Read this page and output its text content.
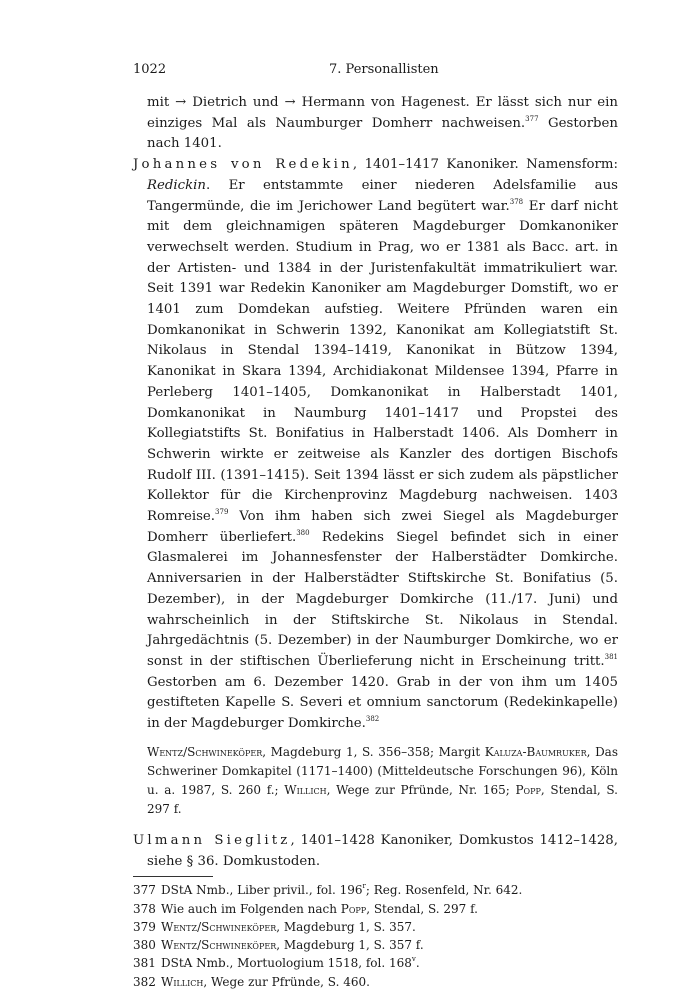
1022	7. Personallisten

mit → Dietrich und → Hermann von Hagenest. Er lässt sich nur ein einziges Mal als Naumburger Domherr nachweisen.$^{377}$ Gestorben nach 1401.

Johannes von Redekin, 1401–1417 Kanoniker. Namensform: Redickin. Er entstammte einer niederen Adelsfamilie aus Tangermünde, die im Jerichower Land begütert war.$^{378}$ Er darf nicht mit dem gleichnamigen späteren Magdeburger Domkanoniker verwechselt werden. Studium in Prag, wo er 1381 als Bacc. art. in der Artisten- und 1384 in der Juristenfakultät immatrikuliert war. Seit 1391 war Redekin Kanoniker am Magdeburger Domstift, wo er 1401 zum Domdekan aufstieg. Weitere Pfründen waren ein Domkanonikat in Schwerin 1392, Kanonikat am Kollegiatstift St. Nikolaus in Stendal 1394–1419, Kanonikat in Bützow 1394, Kanonikat in Skara 1394, Archidiakonat Mildensee 1394, Pfarre in Perleberg 1401–1405, Domkanonikat in Halberstadt 1401, Domkanonikat in Naumburg 1401–1417 und Propstei des Kollegiatstifts St. Bonifatius in Halberstadt 1406. Als Domherr in Schwerin wirkte er zeitweise als Kanzler des dortigen Bischofs Rudolf III. (1391–1415). Seit 1394 lässt er sich zudem als päpstlicher Kollektor für die Kirchenprovinz Magdeburg nachweisen. 1403 Romreise.$^{379}$ Von ihm haben sich zwei Siegel als Magdeburger Domherr überliefert.$^{380}$ Redekins Siegel befindet sich in einer Glasmalerei im Johannesfenster der Halberstädter Domkirche. Anniversarien in der Halberstädter Stiftskirche St. Bonifatius (5. Dezember), in der Magdeburger Domkirche (11./17. Juni) und wahrscheinlich in der Stiftskirche St. Nikolaus in Stendal. Jahrgedächtnis (5. Dezember) in der Naumburger Domkirche, wo er sonst in der stiftischen Überlieferung nicht in Erscheinung tritt.$^{381}$ Gestorben am 6. Dezember 1420. Grab in der von ihm um 1405 gestifteten Kapelle S. Severi et omnium sanctorum (Redekinkapelle) in der Magdeburger Domkirche.$^{382}$

Wentz/Schwineköper, Magdeburg 1, S. 356–358; Margit Kaluza-Baumruker, Das Schweriner Domkapitel (1171–1400) (Mitteldeutsche Forschungen 96), Köln u. a. 1987, S. 260 f.; Willich, Wege zur Pfründe, Nr. 165; Popp, Stendal, S. 297 f.

Ulmann Sieglitz, 1401–1428 Kanoniker, Domkustos 1412–1428, siehe § 36. Domkustoden.

377 DStA Nmb., Liber privil., fol. 196$^r$; Reg. Rosenfeld, Nr. 642.

378 Wie auch im Folgenden nach Popp, Stendal, S. 297 f.

379 Wentz/Schwineköper, Magdeburg 1, S. 357.

380 Wentz/Schwineköper, Magdeburg 1, S. 357 f.

381 DStA Nmb., Mortuologium 1518, fol. 168$^v$.

382 Willich, Wege zur Pfründe, S. 460.
